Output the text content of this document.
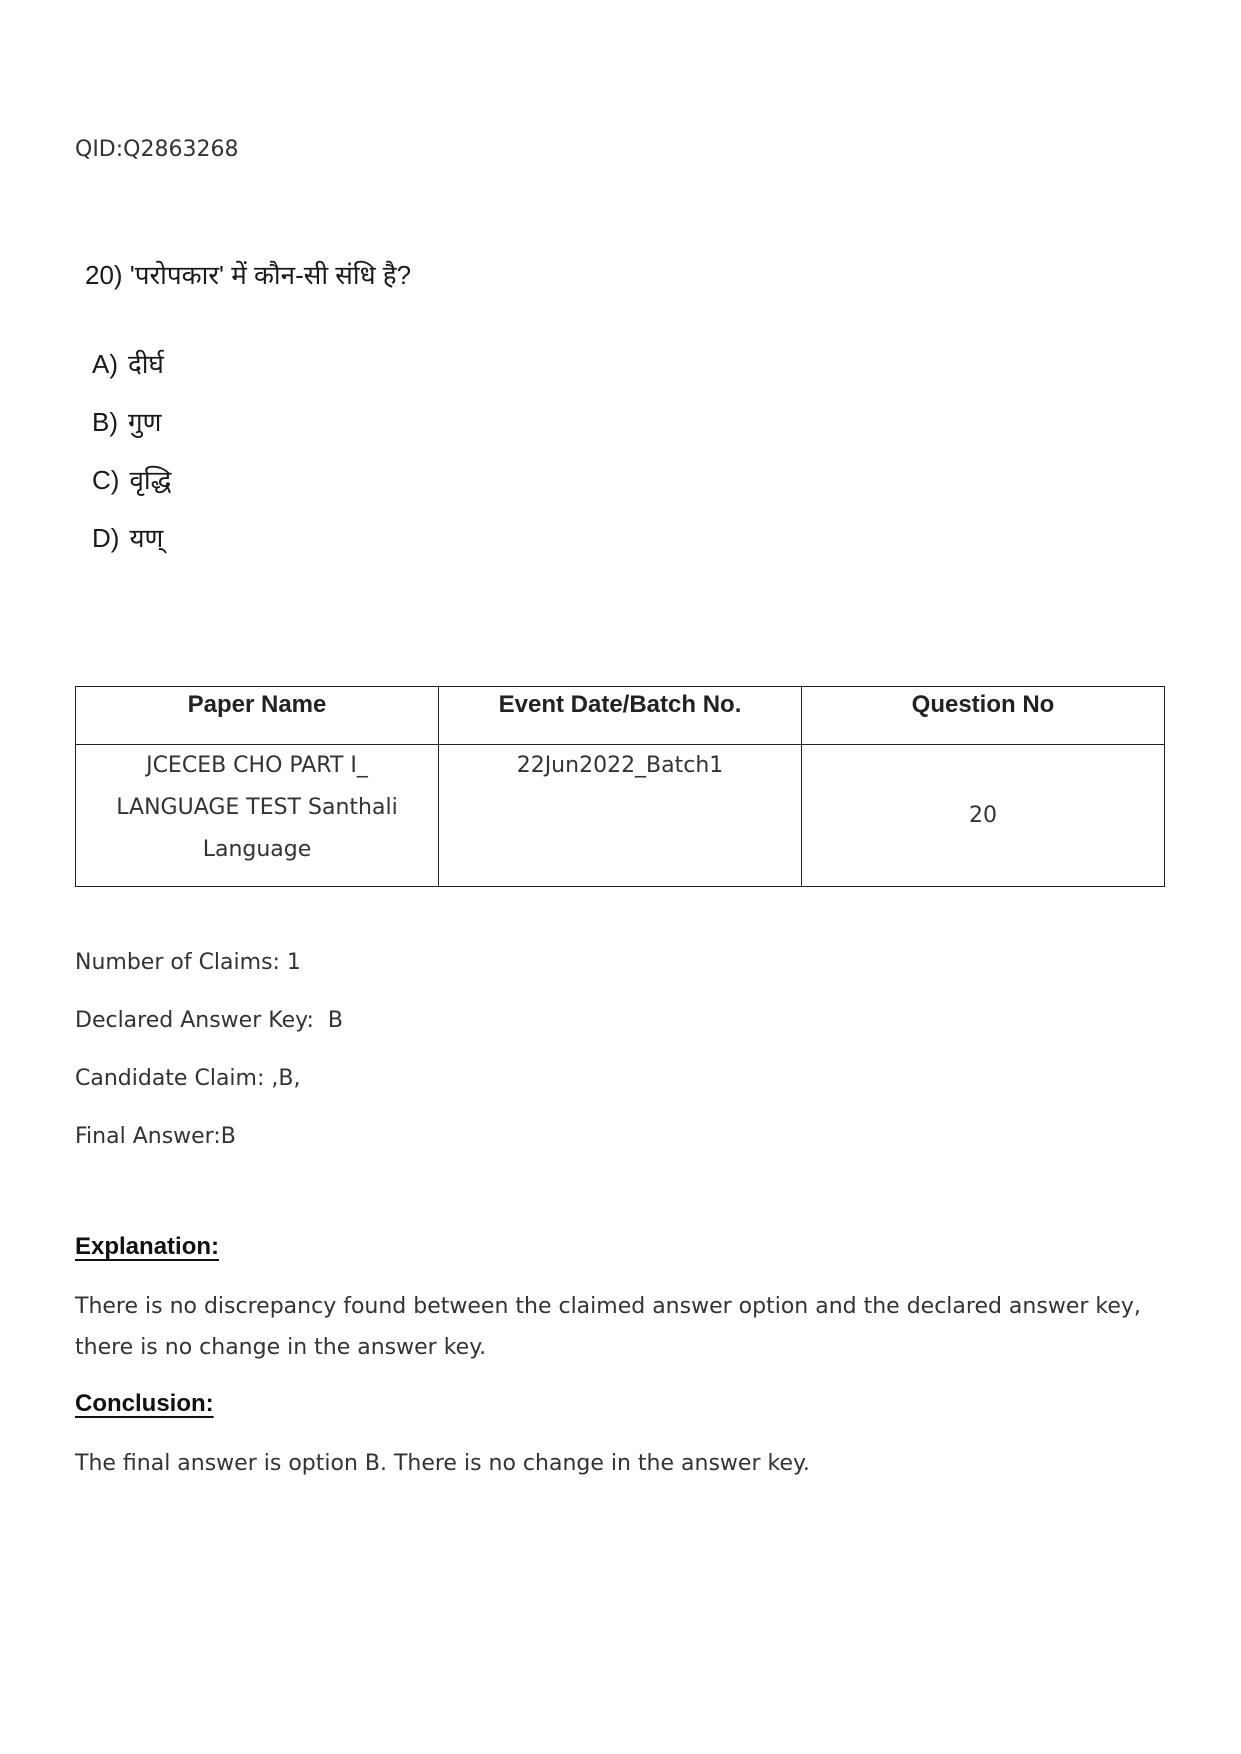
QID:Q2863268
20) 'परोपकार' में कौन-सी संधि है?
A) दीर्घ
B) गुण
C) वृद्धि
D) यण्
Paper Name	Event Date/Batch No.	Question No
JCECEB CHO PART I_ LANGUAGE TEST Santhali Language	22Jun2022_Batch1	20
Number of Claims: 1
Declared Answer Key:  B
Candidate Claim: ,B,
Final Answer:B
Explanation:
There is no discrepancy found between the claimed answer option and the declared answer key, there is no change in the answer key.
Conclusion:
The final answer is option B. There is no change in the answer key.
